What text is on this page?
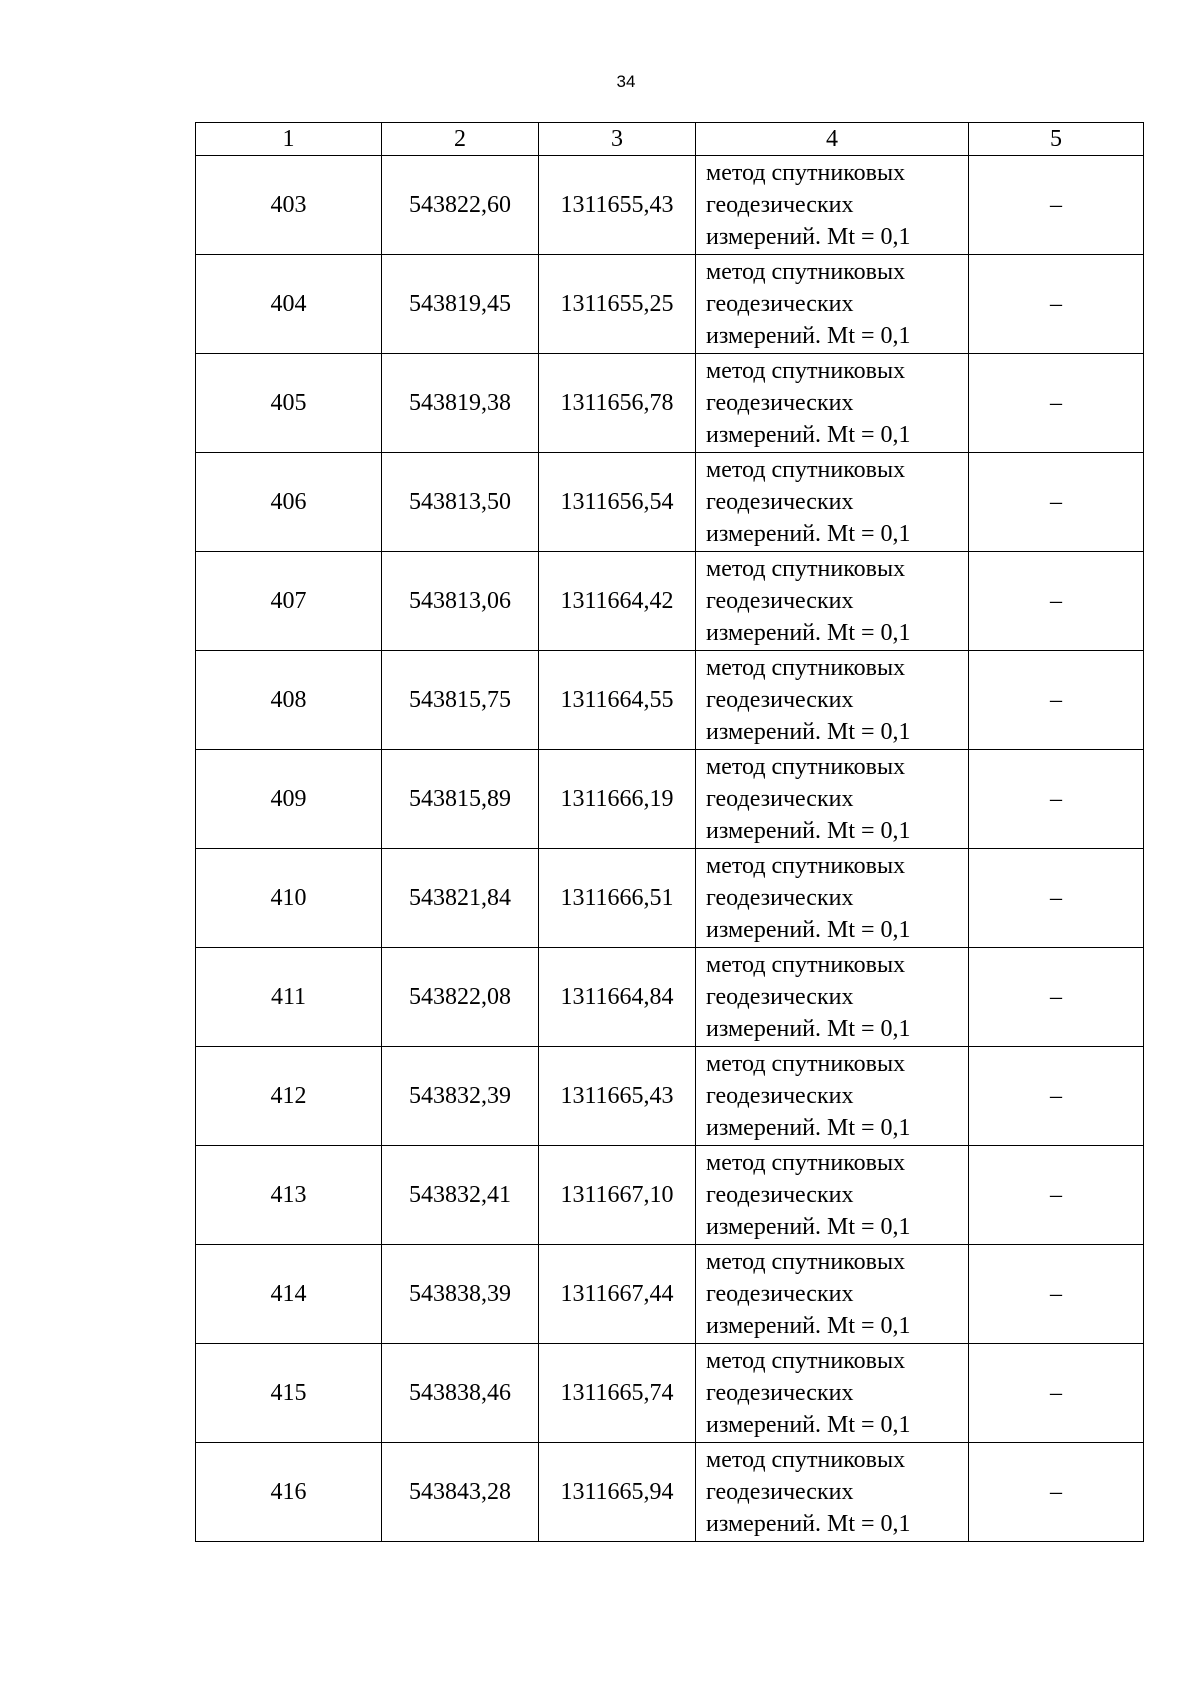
34
1	2	3	4	5
403	543822,60	1311655,43	метод спутниковых
геодезических
измерений. Mt = 0,1	–
404	543819,45	1311655,25	метод спутниковых
геодезических
измерений. Mt = 0,1	–
405	543819,38	1311656,78	метод спутниковых
геодезических
измерений. Mt = 0,1	–
406	543813,50	1311656,54	метод спутниковых
геодезических
измерений. Mt = 0,1	–
407	543813,06	1311664,42	метод спутниковых
геодезических
измерений. Mt = 0,1	–
408	543815,75	1311664,55	метод спутниковых
геодезических
измерений. Mt = 0,1	–
409	543815,89	1311666,19	метод спутниковых
геодезических
измерений. Mt = 0,1	–
410	543821,84	1311666,51	метод спутниковых
геодезических
измерений. Mt = 0,1	–
411	543822,08	1311664,84	метод спутниковых
геодезических
измерений. Mt = 0,1	–
412	543832,39	1311665,43	метод спутниковых
геодезических
измерений. Mt = 0,1	–
413	543832,41	1311667,10	метод спутниковых
геодезических
измерений. Mt = 0,1	–
414	543838,39	1311667,44	метод спутниковых
геодезических
измерений. Mt = 0,1	–
415	543838,46	1311665,74	метод спутниковых
геодезических
измерений. Mt = 0,1	–
416	543843,28	1311665,94	метод спутниковых
геодезических
измерений. Mt = 0,1	–
